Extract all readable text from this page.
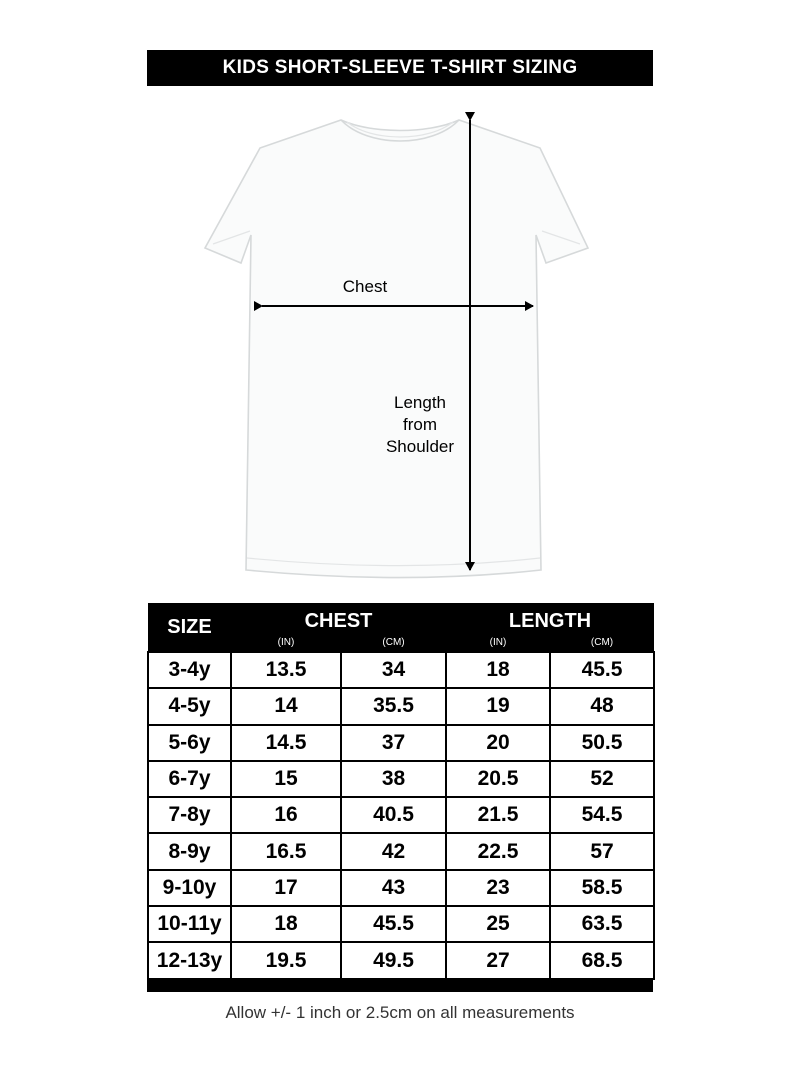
KIDS SHORT-SLEEVE T-SHIRT SIZING
Chest
Length
from
Shoulder
SIZE	CHEST		LENGTH	
	(IN)	(CM)	(IN)	(CM)
3-4y	13.5	34	18	45.5
4-5y	14	35.5	19	48
5-6y	14.5	37	20	50.5
6-7y	15	38	20.5	52
7-8y	16	40.5	21.5	54.5
8-9y	16.5	42	22.5	57
9-10y	17	43	23	58.5
10-11y	18	45.5	25	63.5
12-13y	19.5	49.5	27	68.5
Allow +/- 1 inch or 2.5cm on all measurements
